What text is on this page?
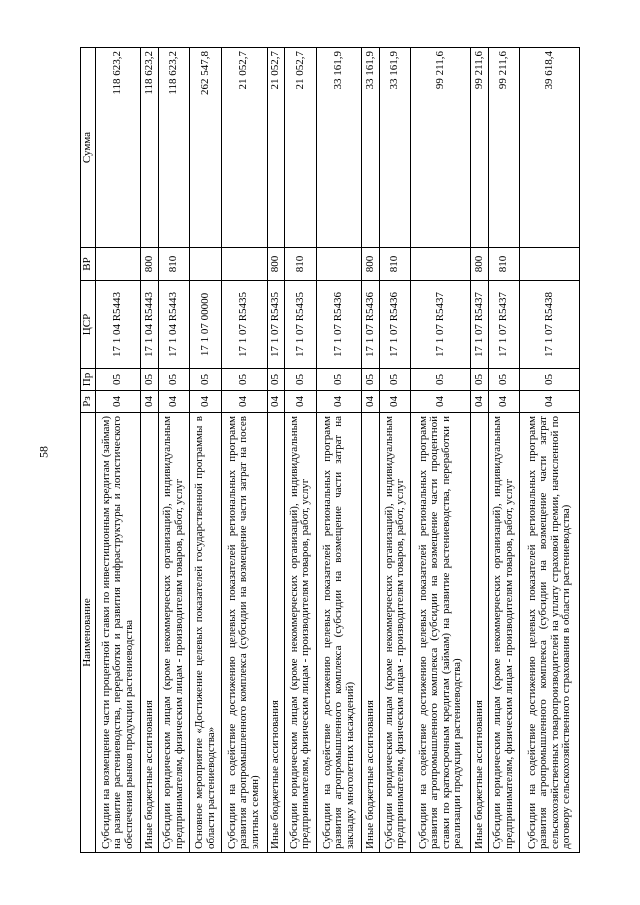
58
Наименование	Рз	Пр	ЦСР	ВР	Сумма
Субсидии на возмещение части процентной ставки по инвестиционным кредитам (займам) на развитие растениеводства, переработки и развития инфраструктуры и логистического обеспечения рынков продукции растениеводства	04	05	17 1 04 R5443		118 623,2
Иные бюджетные ассигнования	04	05	17 1 04 R5443	800	118 623,2
Субсидии юридическим лицам (кроме некоммерческих организаций), индивидуальным предпринимателям, физическим лицам - производителям товаров, работ, услуг	04	05	17 1 04 R5443	810	118 623,2
Основное мероприятие «Достижение целевых показателей государственной программы в области растениеводства»	04	05	17 1 07 00000		262 547,8
Субсидии на содействие достижению целевых показателей региональных программ развития агропромышленного комплекса (субсидии на возмещение части затрат на посев элитных семян)	04	05	17 1 07 R5435		21 052,7
Иные бюджетные ассигнования	04	05	17 1 07 R5435	800	21 052,7
Субсидии юридическим лицам (кроме некоммерческих организаций), индивидуальным предпринимателям, физическим лицам - производителям товаров, работ, услуг	04	05	17 1 07 R5435	810	21 052,7
Субсидии на содействие достижению целевых показателей региональных программ развития агропромышленного комплекса (субсидии на возмещение части затрат на закладку многолетних насаждений)	04	05	17 1 07 R5436		33 161,9
Иные бюджетные ассигнования	04	05	17 1 07 R5436	800	33 161,9
Субсидии юридическим лицам (кроме некоммерческих организаций), индивидуальным предпринимателям, физическим лицам - производителям товаров, работ, услуг	04	05	17 1 07 R5436	810	33 161,9
Субсидии на содействие достижению целевых показателей региональных программ развития агропромышленного комплекса (субсидии на возмещение части процентной ставки по краткосрочным кредитам (займам) на развитие растениеводства, переработки и реализации продукции растениеводства)	04	05	17 1 07 R5437		99 211,6
Иные бюджетные ассигнования	04	05	17 1 07 R5437	800	99 211,6
Субсидии юридическим лицам (кроме некоммерческих организаций), индивидуальным предпринимателям, физическим лицам - производителям товаров, работ, услуг	04	05	17 1 07 R5437	810	99 211,6
Субсидии на содействие достижению целевых показателей региональных программ развития агропромышленного комплекса (субсидии на возмещение части затрат сельскохозяйственных товаропроизводителей на уплату страховой премии, начисленной по договору сельскохозяйственного страхования в области растениеводства)	04	05	17 1 07 R5438		39 618,4
